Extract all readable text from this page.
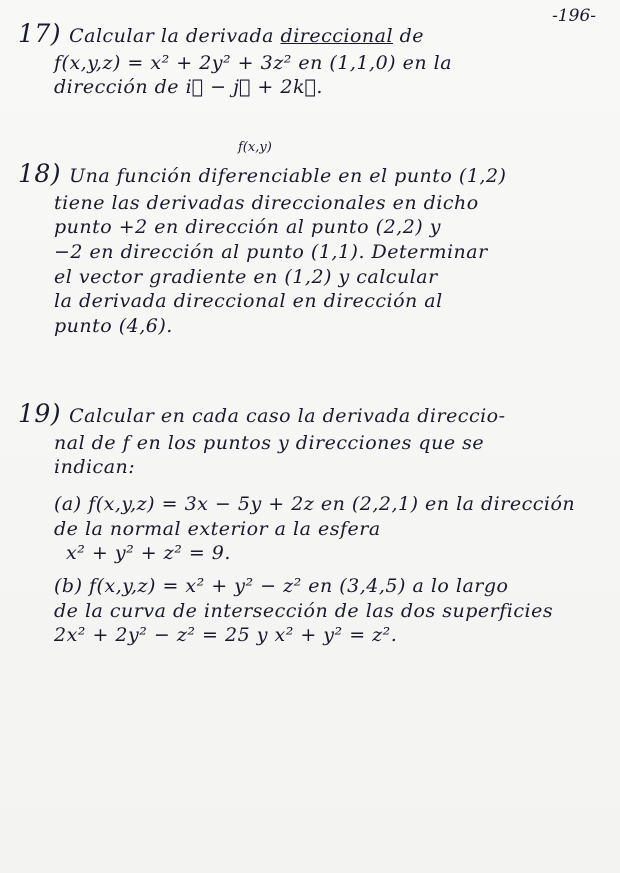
-196-
17) Calcular la derivada direccional de
f(x,y,z) = x² + 2y² + 3z² en (1,1,0) en la
dirección de i⃗ − j⃗ + 2k⃗.
f(x,y)
18) Una función diferenciable en el punto (1,2)
tiene las derivadas direccionales en dicho
punto +2 en dirección al punto (2,2) y
−2 en dirección al punto (1,1). Determinar
el vector gradiente en (1,2) y calcular
la derivada direccional en dirección al
punto (4,6).
19) Calcular en cada caso la derivada direccio-
nal de f en los puntos y direcciones que se
indican:
(a) f(x,y,z) = 3x − 5y + 2z en (2,2,1) en la dirección
de la normal exterior a la esfera
x² + y² + z² = 9.
(b) f(x,y,z) = x² + y² − z² en (3,4,5) a lo largo
de la curva de intersección de las dos superficies
2x² + 2y² − z² = 25 y x² + y² = z².
